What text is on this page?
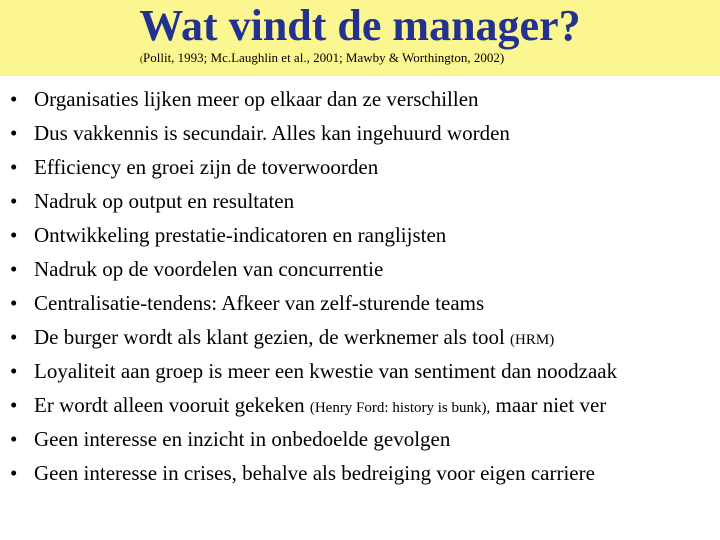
Wat vindt de manager?
(Pollit, 1993; Mc.Laughlin et al., 2001; Mawby & Worthington, 2002)
• Organisaties lijken meer op elkaar dan ze verschillen
• Dus vakkennis is secundair. Alles kan ingehuurd worden
• Efficiency en groei zijn de toverwoorden
• Nadruk op output en resultaten
• Ontwikkeling prestatie-indicatoren en ranglijsten
• Nadruk op de voordelen van concurrentie
• Centralisatie-tendens: Afkeer van zelf-sturende teams
• De burger wordt als klant gezien, de werknemer als tool (HRM)
• Loyaliteit aan groep is meer een kwestie van sentiment dan noodzaak
• Er wordt alleen vooruit gekeken (Henry Ford: history is bunk), maar niet ver
• Geen interesse en inzicht in onbedoelde gevolgen
• Geen interesse in crises, behalve als bedreiging voor eigen carriere
